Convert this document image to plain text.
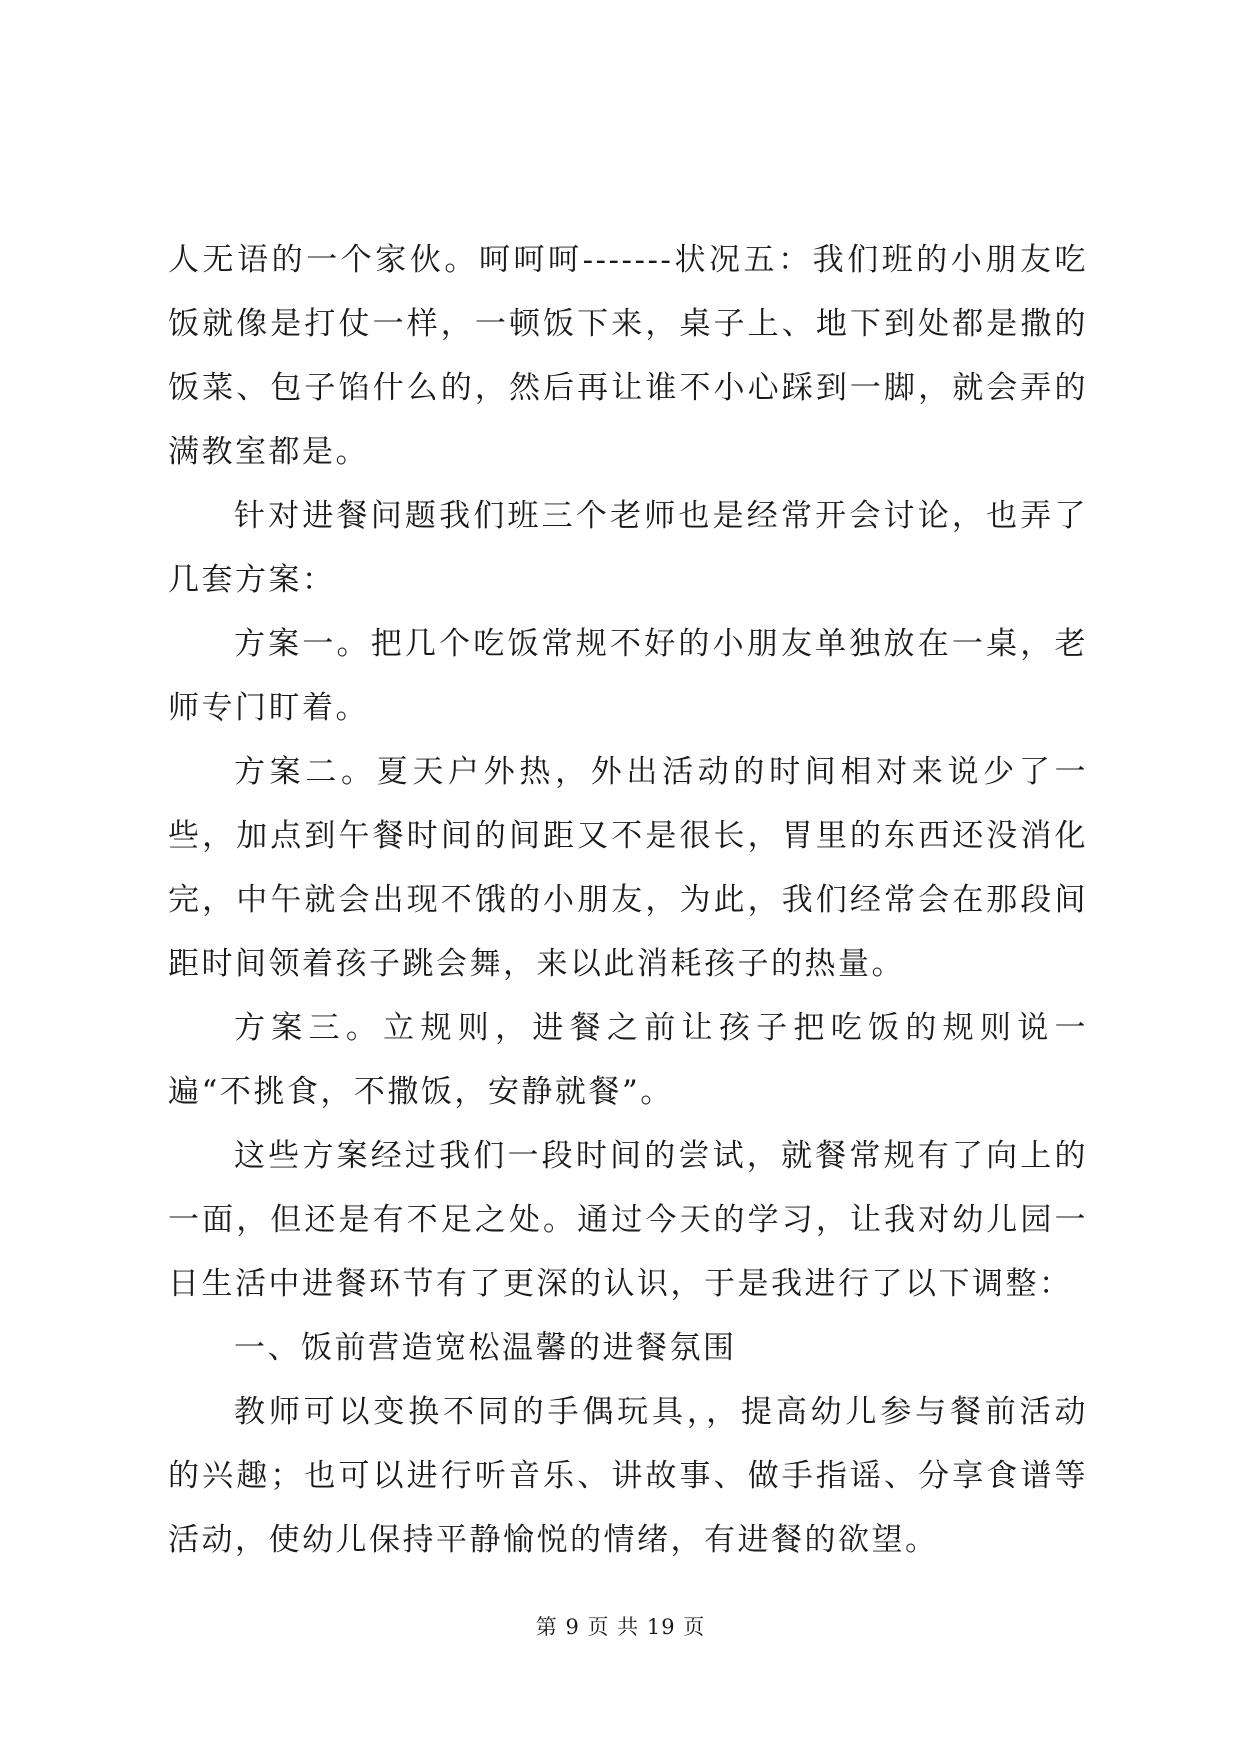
人无语的一个家伙。呵呵呵-------状况五：我们班的小朋友吃饭就像是打仗一样，一顿饭下来，桌子上、地下到处都是撒的饭菜、包子馅什么的，然后再让谁不小心踩到一脚，就会弄的满教室都是。

针对进餐问题我们班三个老师也是经常开会讨论，也弄了几套方案：

方案一。把几个吃饭常规不好的小朋友单独放在一桌，老师专门盯着。

方案二。夏天户外热，外出活动的时间相对来说少了一些，加点到午餐时间的间距又不是很长，胃里的东西还没消化完，中午就会出现不饿的小朋友，为此，我们经常会在那段间距时间领着孩子跳会舞，来以此消耗孩子的热量。

方案三。立规则，进餐之前让孩子把吃饭的规则说一遍“不挑食，不撒饭，安静就餐”。

这些方案经过我们一段时间的尝试，就餐常规有了向上的一面，但还是有不足之处。通过今天的学习，让我对幼儿园一日生活中进餐环节有了更深的认识，于是我进行了以下调整：

一、饭前营造宽松温馨的进餐氛围

教师可以变换不同的手偶玩具，，提高幼儿参与餐前活动的兴趣；也可以进行听音乐、讲故事、做手指谣、分享食谱等活动，使幼儿保持平静愉悦的情绪，有进餐的欲望。

第 9 页 共 19 页
